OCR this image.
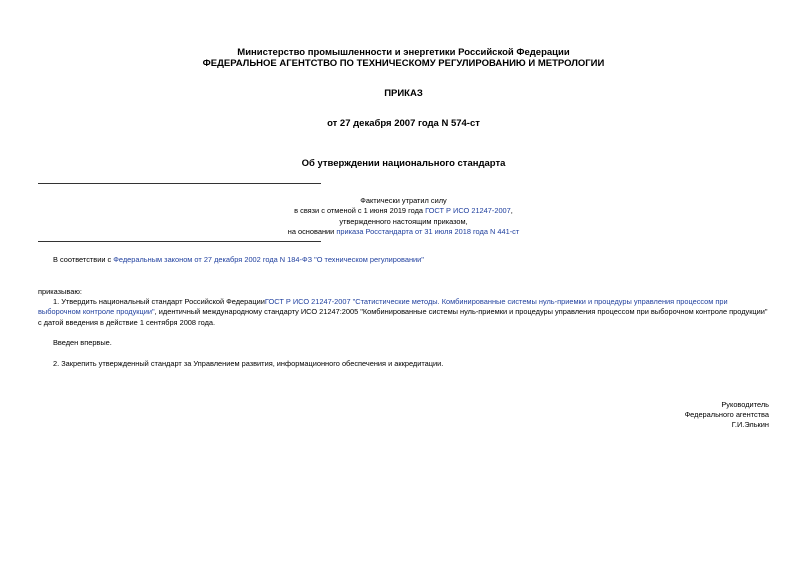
Министерство промышленности и энергетики Российской Федерации
ФЕДЕРАЛЬНОЕ АГЕНТСТВО ПО ТЕХНИЧЕСКОМУ РЕГУЛИРОВАНИЮ И МЕТРОЛОГИИ
ПРИКАЗ
от 27 декабря 2007 года N 574-ст
Об утверждении национального стандарта
Фактически утратил силу
в связи с отменой с 1 июня 2019 года ГОСТ Р ИСО 21247-2007,
утвержденного настоящим приказом,
на основании приказа Росстандарта от 31 июля 2018 года N 441-ст
В соответствии с Федеральным законом от 27 декабря 2002 года N 184-ФЗ "О техническом регулировании"
приказываю:
1. Утвердить национальный стандарт Российской ФедерацииГОСТ Р ИСО 21247-2007 "Статистические методы. Комбинированные системы нуль-приемки и процедуры управления процессом при выборочном контроле продукции", идентичный международному стандарту ИСО 21247:2005 "Комбинированные системы нуль-приемки и процедуры управления процессом при выборочном контроле продукции" с датой введения в действие 1 сентября 2008 года.
Введен впервые.
2. Закрепить утвержденный стандарт за Управлением развития, информационного обеспечения и аккредитации.
Руководитель
Федерального агентства
Г.И.Элькин
